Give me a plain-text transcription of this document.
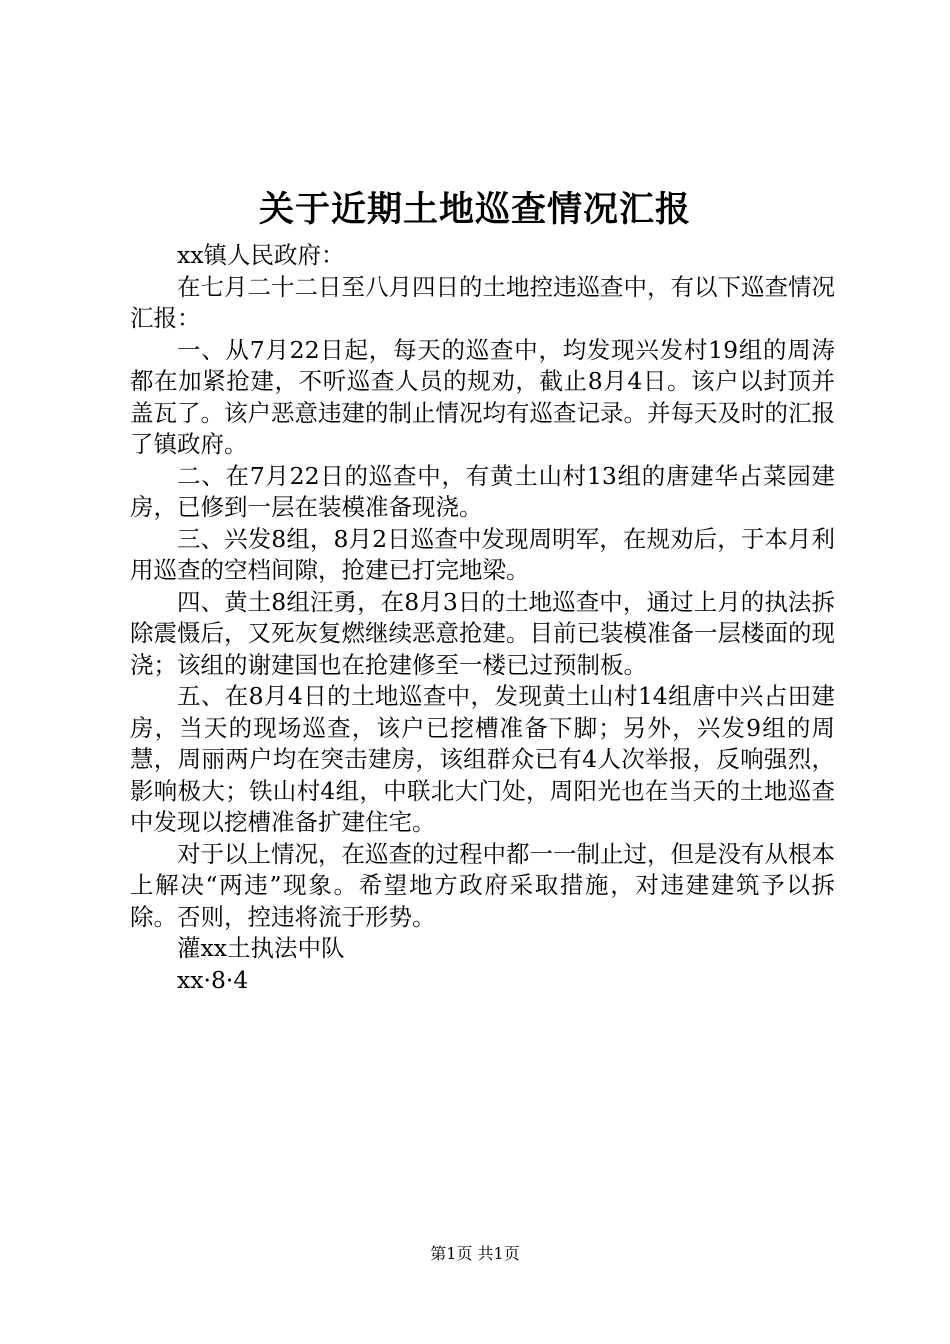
关于近期土地巡查情况汇报

xx镇人民政府：

在七月二十二日至八月四日的土地控违巡查中，有以下巡查情况汇报：

一、从7月22日起，每天的巡查中，均发现兴发村19组的周涛都在加紧抢建，不听巡查人员的规劝，截止8月4日。该户以封顶并盖瓦了。该户恶意违建的制止情况均有巡查记录。并每天及时的汇报了镇政府。

二、在7月22日的巡查中，有黄土山村13组的唐建华占菜园建房，已修到一层在装模准备现浇。

三、兴发8组，8月2日巡查中发现周明军，在规劝后，于本月利用巡查的空档间隙，抢建已打完地梁。

四、黄土8组汪勇，在8月3日的土地巡查中，通过上月的执法拆除震慑后，又死灰复燃继续恶意抢建。目前已装模准备一层楼面的现浇；该组的谢建国也在抢建修至一楼已过预制板。

五、在8月4日的土地巡查中，发现黄土山村14组唐中兴占田建房，当天的现场巡查，该户已挖槽准备下脚；另外，兴发9组的周慧，周丽两户均在突击建房，该组群众已有4人次举报，反响强烈，影响极大；铁山村4组，中联北大门处，周阳光也在当天的土地巡查中发现以挖槽准备扩建住宅。

对于以上情况，在巡查的过程中都一一制止过，但是没有从根本上解决“两违”现象。希望地方政府采取措施，对违建建筑予以拆除。否则，控违将流于形势。

灌xx土执法中队

xx·8·4

第1页 共1页
